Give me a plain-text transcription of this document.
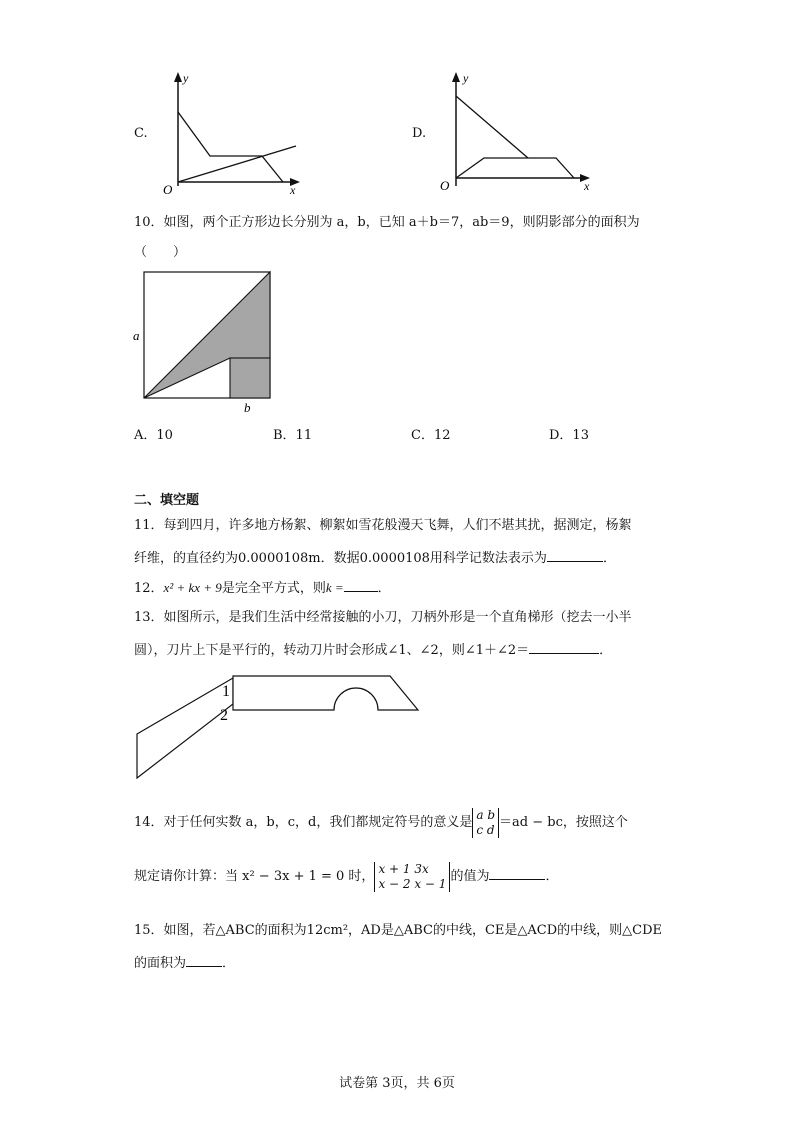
C.
y
x
O
D.
y
x
O
10．如图，两个正方形边长分别为 a，b，已知 a＋b＝7，ab＝9，则阴影部分的面积为
（　　）
a
b
A．10	B．11	C．12	D．13
二、填空题
11．每到四月，许多地方杨絮、柳絮如雪花般漫天飞舞，人们不堪其扰，据测定，杨絮
纤维，的直径约为0.0000108m．数据0.0000108用科学记数法表示为	．
12．x² + kx + 9是完全平方式，则k =	．
13．如图所示，是我们生活中经常接触的小刀，刀柄外形是一个直角梯形（挖去一小半
圆），刀片上下是平行的，转动刀片时会形成∠1、∠2，则∠1＋∠2＝	．
1
2
14．对于任何实数 a，b，c，d，我们都规定符号的意义是
a b
c d ＝ad − bc，按照这个
规定请你计算：当 x² − 3x + 1 = 0 时，
x + 1 3x
x − 2 x − 1 的值为	．
15．如图，若△ABC的面积为12cm²，AD是△ABC的中线，CE是△ACD的中线，则△CDE
的面积为	．
试卷第 3页，共 6页
